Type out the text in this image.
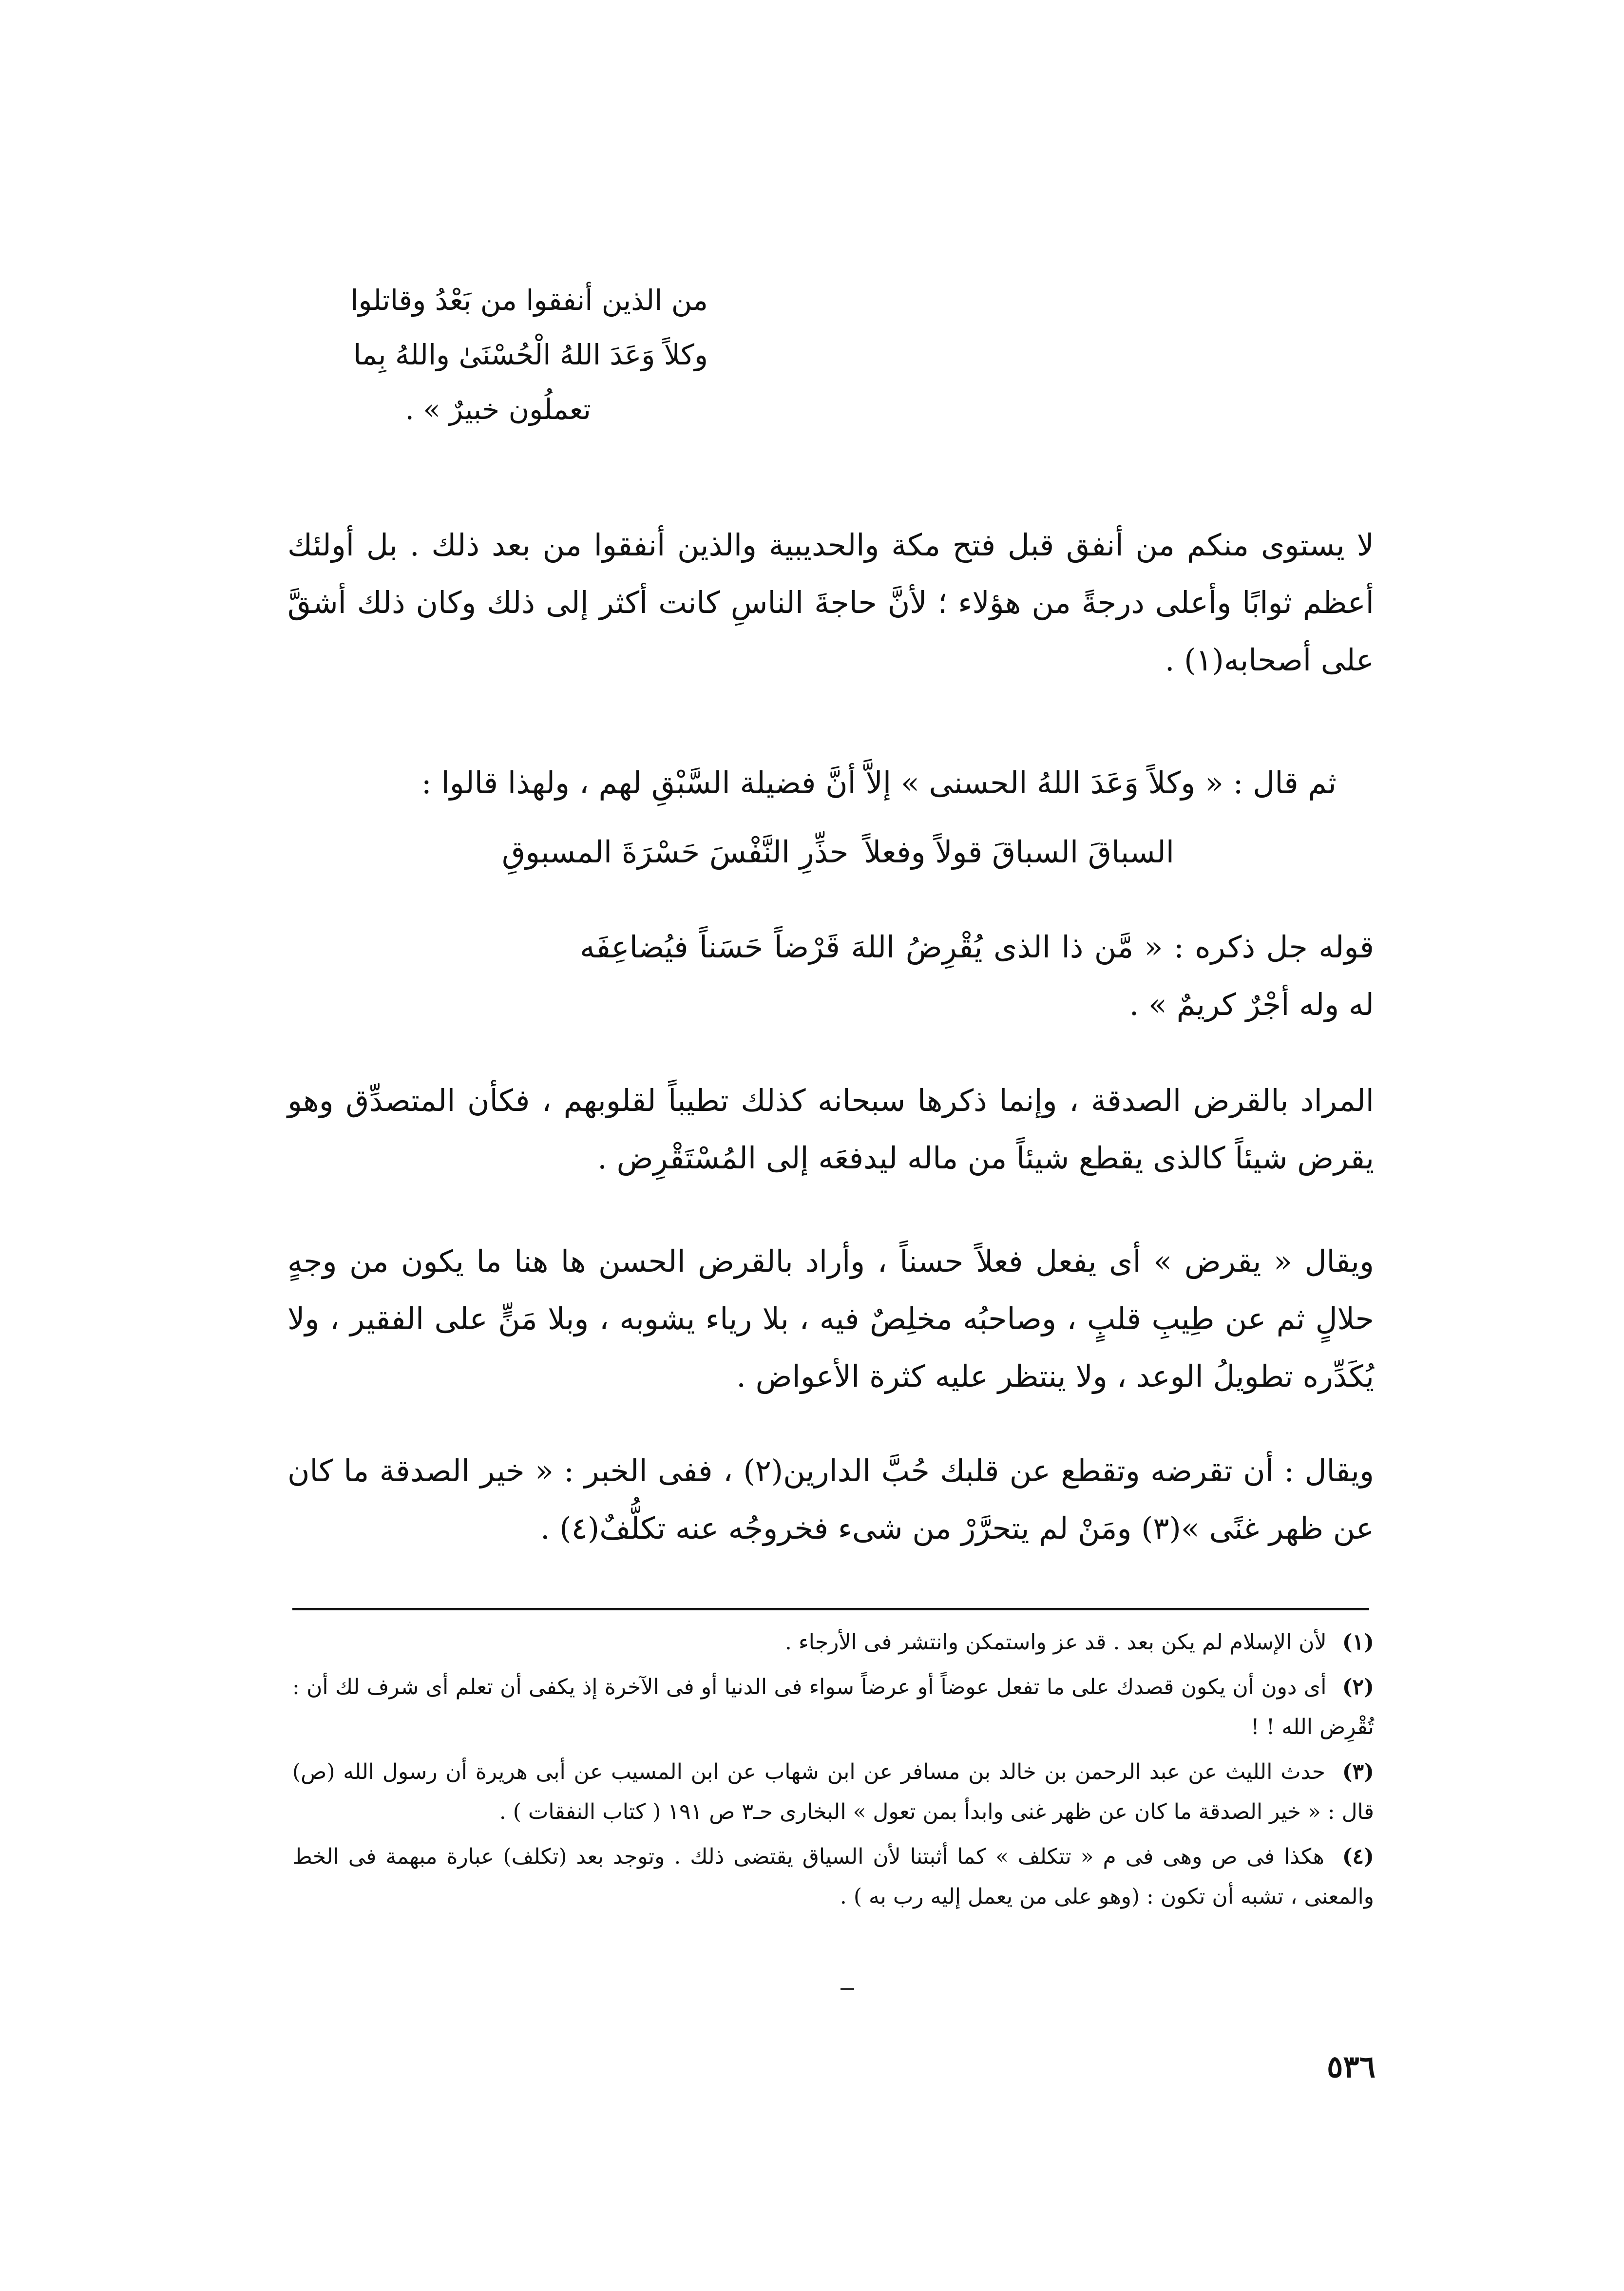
من الذين أنفقوا من بَعْدُ وقاتلوا
وكلاً وَعَدَ اللهُ الْحُسْنَىٰ واللهُ بِما
تعملُون خبيرٌ » .

لا يستوى منكم من أنفق قبل فتح مكة والحديبية والذين أنفقوا من بعد ذلك . بل أولئك أعظم ثوابًا وأعلى درجةً من هؤلاء ؛ لأنَّ حاجةَ الناسِ كانت أكثر إلى ذلك وكان ذلك أشقَّ على أصحابه(١) .

ثم قال : « وكلاً وَعَدَ اللهُ الحسنى » إلاَّ أنَّ فضيلة السَّبْقِ لهم ، ولهذا قالوا :
السباقَ السباقَ قولاً وفعلاً
حذِّرِ النَّفْسَ حَسْرَةَ المسبوقِ

قوله جل ذكره : « مَّن ذا الذى يُقْرِضُ اللهَ قَرْضاً حَسَناً فيُضاعِفَه له وله أجْرٌ كريمٌ » .

المراد بالقرض الصدقة ، وإنما ذكرها سبحانه كذلك تطيباً لقلوبهم ، فكأن المتصدِّق وهو يقرض شيئاً كالذى يقطع شيئاً من ماله ليدفعَه إلى المُسْتَقْرِض .

ويقال « يقرض » أى يفعل فعلاً حسناً ، وأراد بالقرض الحسن ها هنا ما يكون من وجهٍ حلالٍ ثم عن طِيبِ قلبٍ ، وصاحبُه مخلِصٌ فيه ، بلا رياء يشوبه ، وبلا مَنٍّ على الفقير ، ولا يُكَدِّره تطويلُ الوعد ، ولا ينتظر عليه كثرة الأعواض .

ويقال : أن تقرضه وتقطع عن قلبك حُبَّ الدارين(٢) ، ففى الخبر : « خير الصدقة ما كان عن ظهر غنًى »(٣) ومَنْ لم يتحرَّرْ من شىء فخروجُه عنه تكلُّفٌ(٤) .

(١) لأن الإسلام لم يكن بعد . قد عز واستمكن وانتشر فى الأرجاء .

(٢) أى دون أن يكون قصدك على ما تفعل عوضاً أو عرضاً سواء فى الدنيا أو فى الآخرة إذ يكفى أن تعلم أى شرف لك أن : تُقْرِض الله ! !

(٣) حدث الليث عن عبد الرحمن بن خالد بن مسافر عن ابن شهاب عن ابن المسيب عن أبى هريرة أن رسول الله (ص) قال : « خير الصدقة ما كان عن ظهر غنى وابدأ بمن تعول » البخارى حـ٣ ص ١٩١ ( كتاب النفقات ) .

(٤) هكذا فى ص وهى فى م « تتكلف » كما أثبتنا لأن السياق يقتضى ذلك . وتوجد بعد (تكلف) عبارة مبهمة فى الخط والمعنى ، تشبه أن تكون : (وهو على من يعمل إليه رب به ) .

٥٣٦
